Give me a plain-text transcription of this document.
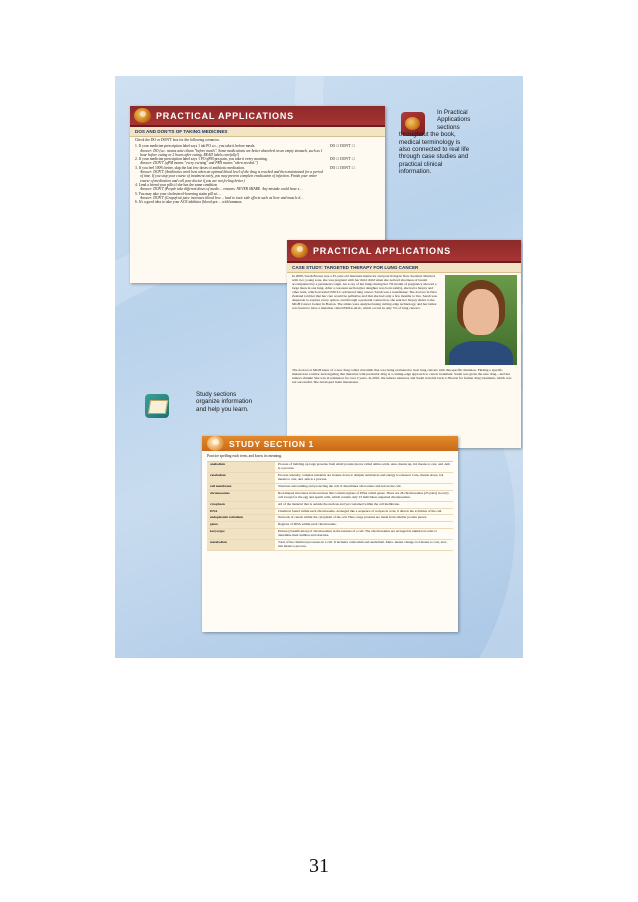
PRACTICAL APPLICATIONS
DOS AND DON'TS OF TAKING MEDICINES
Check the DO or DON'T box for the following scenarios.
1. If your medicine prescription label says 1 tab PO a.c., you take it before meals.
Answer: DO (a.c. means ante cibum "before meals". Some medications are better absorbed on an empty stomach, such as 1 hour before eating or 2 hours after eating. READ labels carefully!)
DO ☐ DON'T ☐
2. If your medicine prescription label says 1 PO qPM prn pain, you take it every morning.
Answer: DON'T (qPM means "every evening" and PRN means "when needed.")
DO ☐ DON'T ☐
3. If you feel 100% better, skip the last few doses of antibiotic medication.
Answer: DON'T (Antibiotics work best when an optimal blood level of the drug is reached and then maintained for a period of time. If you stop your course of treatment early, you may prevent complete eradication of infection. Finish your entire course of medication and call your doctor if you are not feeling better.)
DO ☐ DON'T ☐
4. Lend a friend your pills if she has the same condition
Answer: DON'T (People take different doses of medic… reasons. NEVER SHARE. Any mistake could have s…
5. You may take your cholesterol-lowering statin pill wi…
Answer: DON'T (Grapefruit juice increases blood leve… lead to toxic side effects such as liver and muscle d…
6. It's a good idea to take your ACE inhibitor (blood pre… with bananas.
In Practical
Applications
sections
throughout the book,
medical terminology is
also connected to real life
through case studies and
practical clinical
information.
PRACTICAL APPLICATIONS
CASE STUDY: TARGETED THERAPY FOR LUNG CANCER
In 2009, Sarah Brown was a 35-year-old literature instructor and poet living in New Zealand. Married with two young sons, she was pregnant with her third child when she noticed shortness of breath accompanied by a persistent cough. An x-ray of her lungs during her 7th month of pregnancy showed a large mass in one lung. After a cesarean section (her daughter was born safely), she had a biopsy and other tests, which revealed NSCLC-advanced lung cancer. Sarah was a nonsmoker. The doctors in New Zealand told her that her care would be palliative and that she had only a few months to live. Sarah was desperate to explore every option, and through a personal connection, she sent her biopsy slides to the MGH Cancer Center in Boston. The slides were analyzed using cutting edge technology, and her tumor was found to have a mutation called EML4-ALK, which occurs in only 5% of lung cancers.
The doctors at MGH knew of a new drug called crizotinib that was being evaluated to treat lung cancers with this specific mutation. Finding a specific mutation in a tumor and targeting that mutation with particular drug is a cutting-edge approach to cancer treatment. Sarah was given the new drug—and her tumors shrunk! She was in remission for over 2 years. In 2010, the tumors returned, and Sarah traveled back to Boston for further drug treatment, which was not successful. She developed brain metastases.
Study sections
organize information
and help you learn.
STUDY SECTION 1
Practice spelling each term, and know its meaning.
anabolism	Process of building up large proteins from small protein pieces called amino acids. Ana- means up, bol means to cast, and -ism is a process.
catabolism	Process whereby complex nutrients are broken down to simpler substances and energy is released. Cata- means down, bol means to cast, and -ism is a process.
cell membrane	Structure surrounding and protecting the cell. It determines what enters and leaves the cell.
chromosomes	Rod-shaped structures in the nucleus that contain regions of DNA called genes. There are 46 chromosomes (23 pairs) in every cell except for the egg and sperm cells, which contain only 23 individual, unpaired chromosomes.
cytoplasm	All of the material that is outside the nucleus and yet contained within the cell membrane.
DNA	Chemical found within each chromosome. Arranged like a sequence of recipes in code, it directs the activities of the cell.
endoplasmic reticulum	Network of canals within the cytoplasm of the cell. Here, large proteins are made from smaller protein pieces.
genes	Regions of DNA within each chromosome.
karyotype	Picture (classification) of chromosomes in the nucleus of a cell. The chromosomes are arranged in numerical order to determine their number and structure.
metabolism	Total of the chemical processes in a cell. It includes catabolism and anabolism. Meta- means change, bol means to cast, and -ism means a process.
31
